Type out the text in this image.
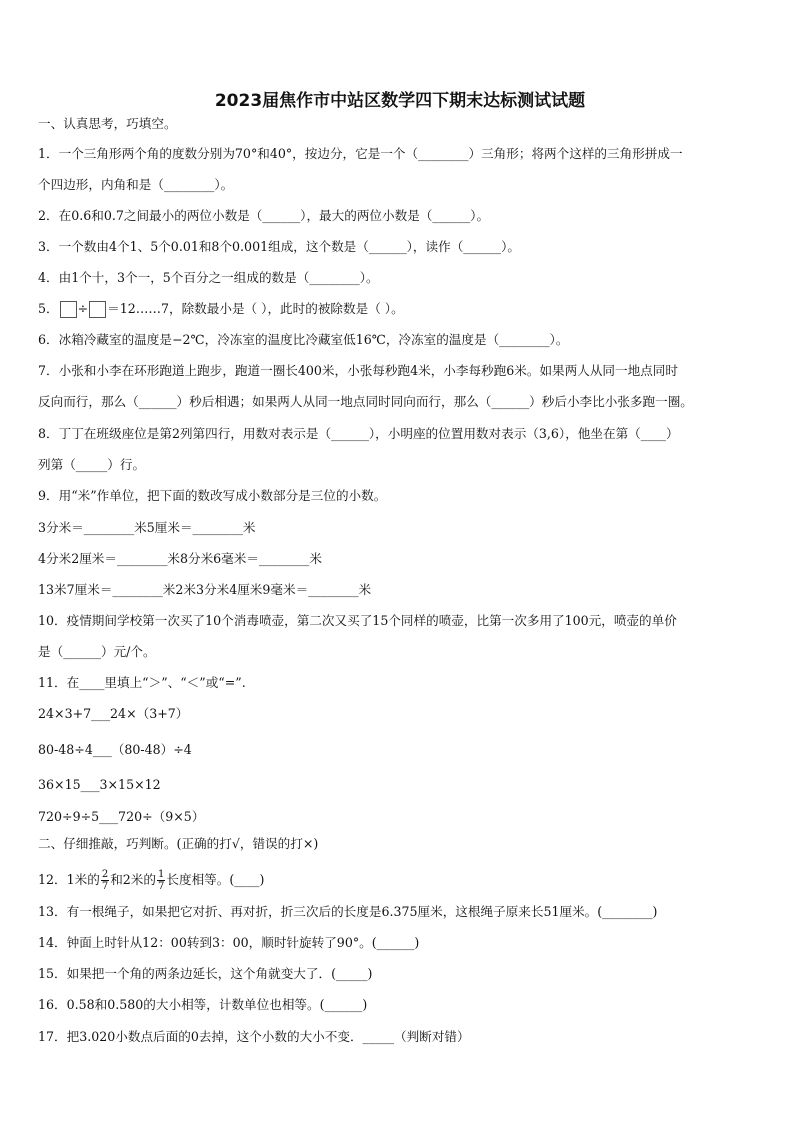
2023届焦作市中站区数学四下期末达标测试试题
一、认真思考，巧填空。
1．一个三角形两个角的度数分别为70°和40°，按边分，它是一个（________）三角形；将两个这样的三角形拼成一
个四边形，内角和是（________）。
2．在0.6和0.7之间最小的两位小数是（______），最大的两位小数是（______）。
3．一个数由4个1、5个0.01和8个0.001组成，这个数是（______），读作（______）。
4．由1个十，3个一，5个百分之一组成的数是（________）。
6．冰箱冷藏室的温度是−2℃，冷冻室的温度比冷藏室低16℃，冷冻室的温度是（________）。
7．小张和小李在环形跑道上跑步，跑道一圈长400米，小张每秒跑4米，小李每秒跑6米。如果两人从同一地点同时
反向而行，那么（______）秒后相遇；如果两人从同一地点同时同向而行，那么（______）秒后小李比小张多跑一圈。
8．丁丁在班级座位是第2列第四行，用数对表示是（______），小明座的位置用数对表示（3,6），他坐在第（____）
列第（_____）行。
9．用“米”作单位，把下面的数改写成小数部分是三位的小数。
3分米＝________米5厘米＝________米
4分米2厘米＝________米8分米6毫米＝________米
13米7厘米＝________米2米3分米4厘米9毫米＝________米
10．疫情期间学校第一次买了10个消毒喷壶，第二次又买了15个同样的喷壶，比第一次多用了100元，喷壶的单价
是（______）元/个。
11．在____里填上“＞”、“＜”或“=”.
24×3+7___24×（3+7）
80-48÷4___（80-48）÷4
36×15___3×15×12
720÷9÷5___720÷（9×5）
二、仔细推敲，巧判断。(正确的打√，错误的打×)
13．有一根绳子，如果把它对折、再对折，折三次后的长度是6.375厘米，这根绳子原来长51厘米。(________)
14．钟面上时针从12：00转到3：00，顺时针旋转了90°。(______)
15．如果把一个角的两条边延长，这个角就变大了．(_____)
16．0.58和0.580的大小相等，计数单位也相等。(______)
17．把3.020小数点后面的0去掉，这个小数的大小不变．_____（判断对错）
5． ÷ ＝12……7，除数最小是（ ），此时的被除数是（ ）。
12．1米的 $\frac{2}{7}$ 和2米的 $\frac{1}{7}$ 长度相等。(____)
